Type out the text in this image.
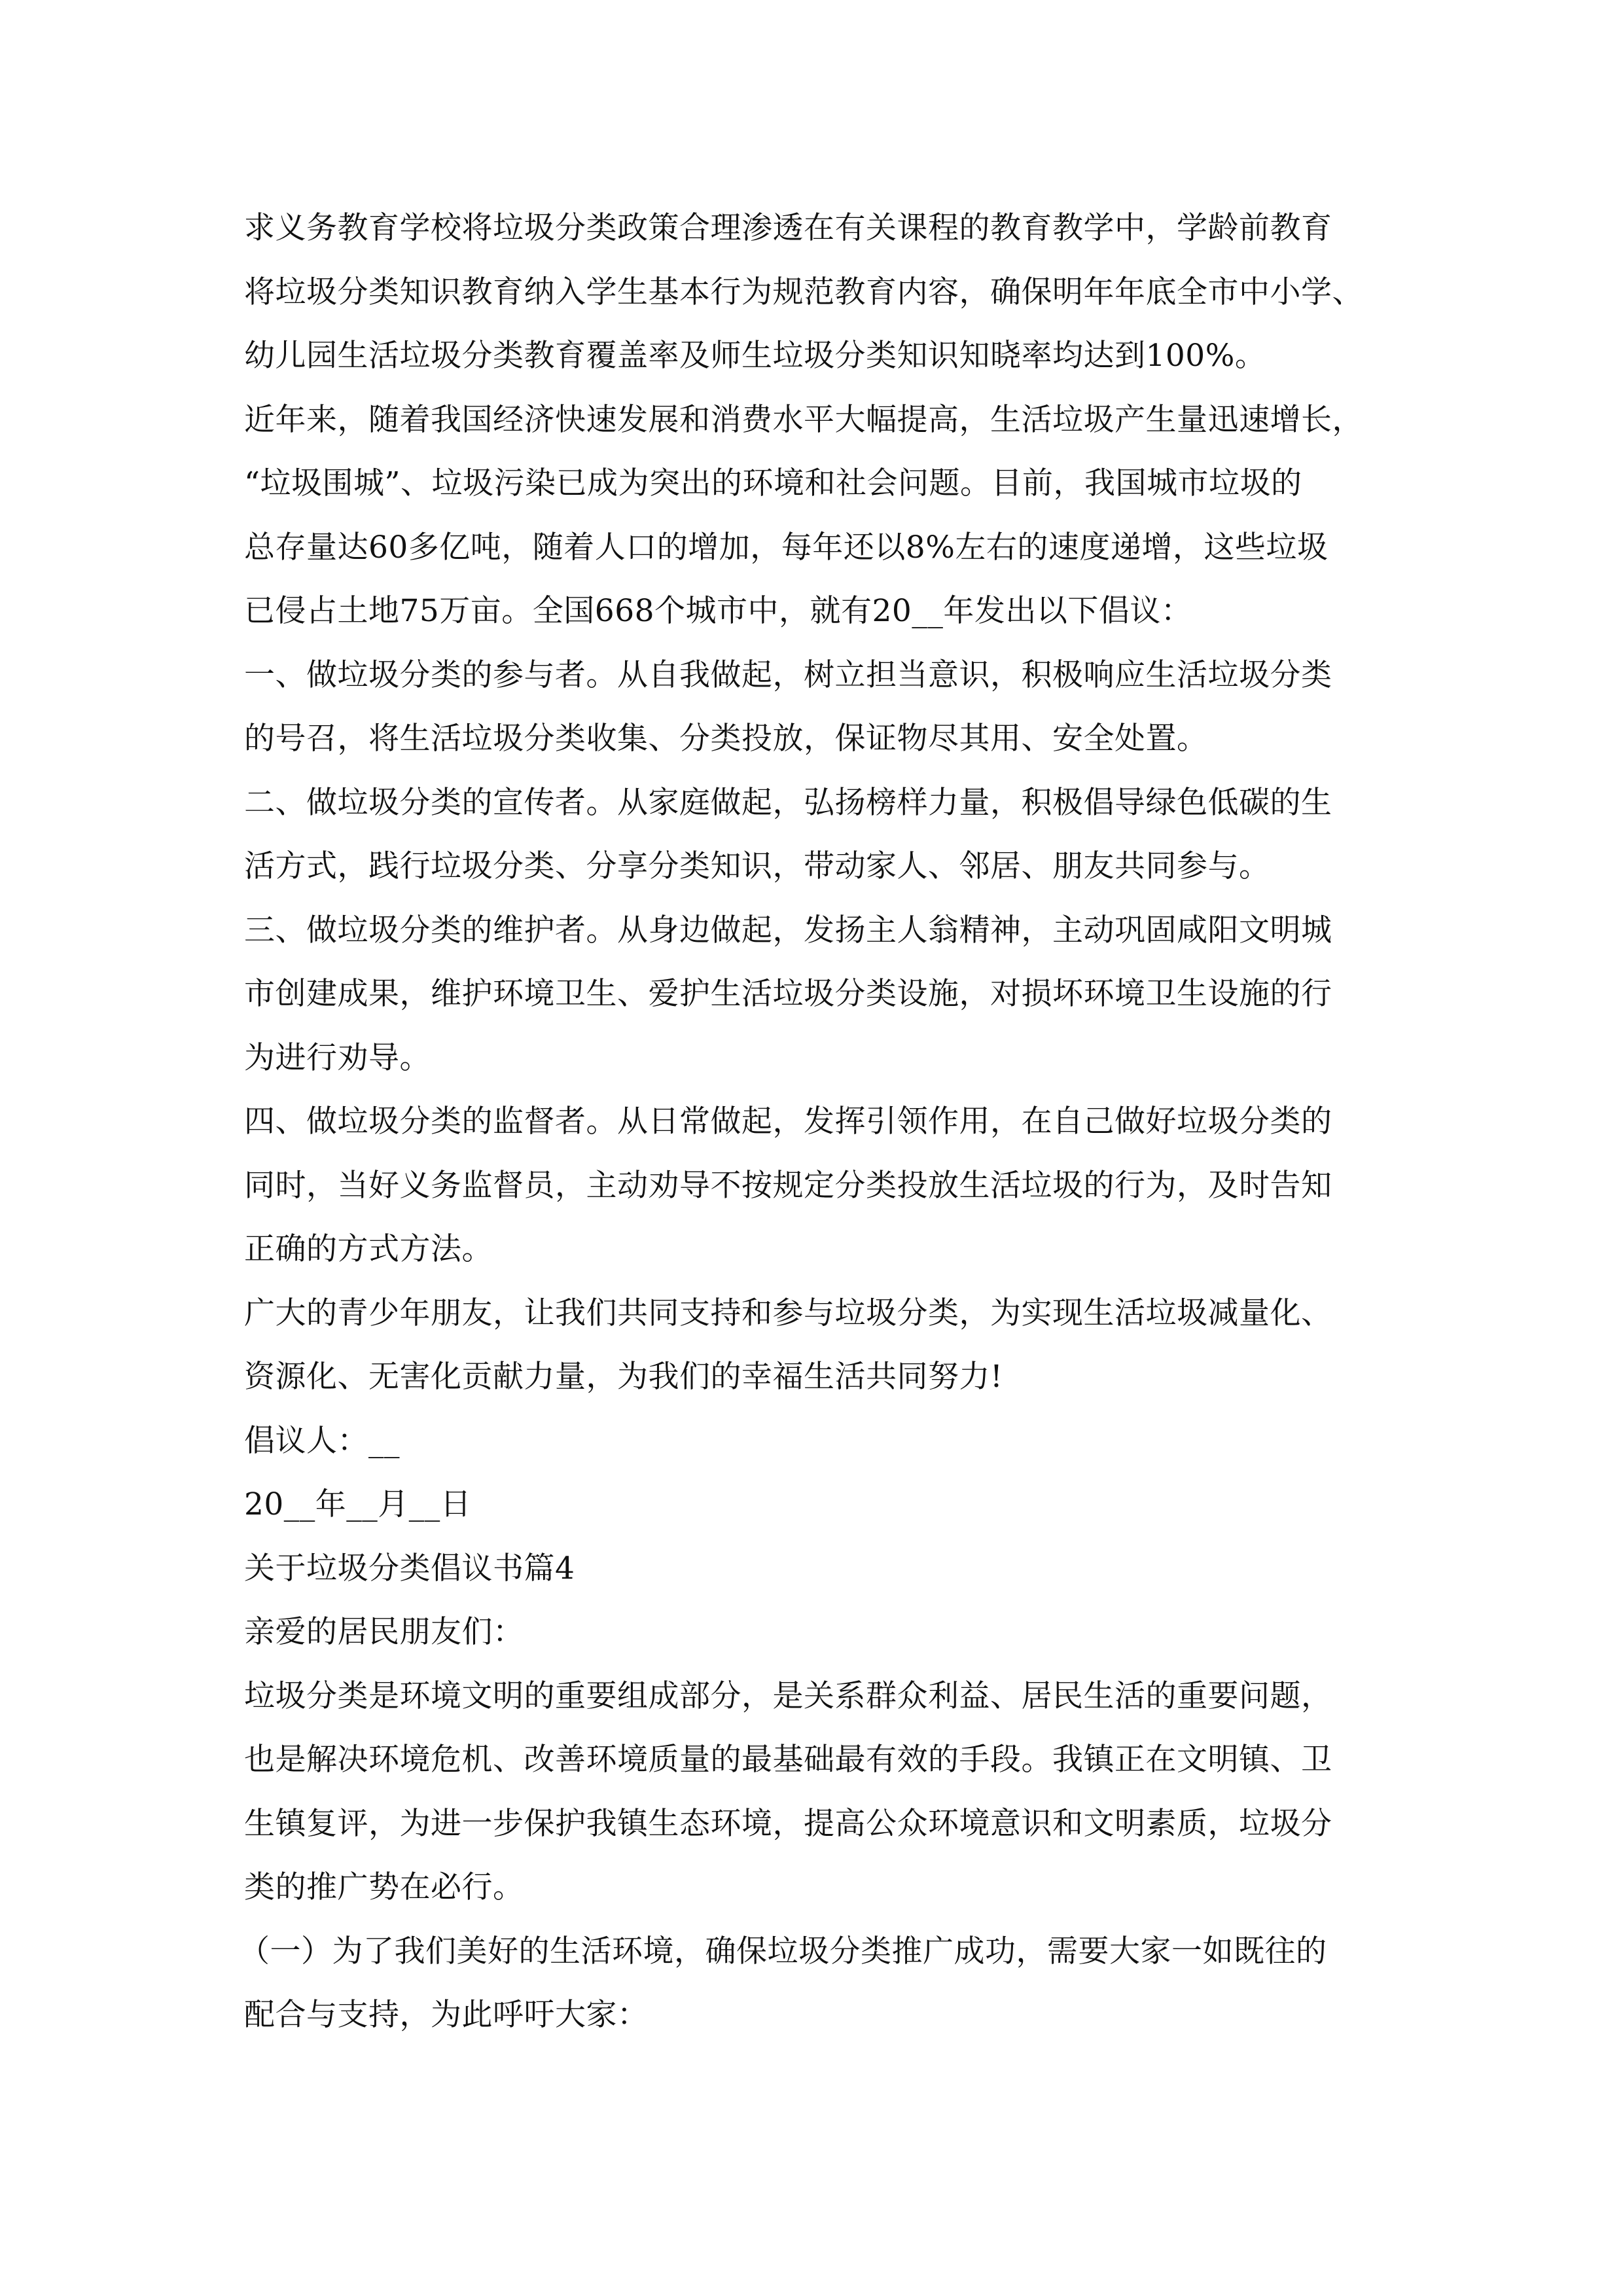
求义务教育学校将垃圾分类政策合理渗透在有关课程的教育教学中，学龄前教育
将垃圾分类知识教育纳入学生基本行为规范教育内容，确保明年年底全市中小学、
幼儿园生活垃圾分类教育覆盖率及师生垃圾分类知识知晓率均达到100%。
近年来，随着我国经济快速发展和消费水平大幅提高，生活垃圾产生量迅速增长，
“垃圾围城”、垃圾污染已成为突出的环境和社会问题。目前，我国城市垃圾的
总存量达60多亿吨，随着人口的增加，每年还以8%左右的速度递增，这些垃圾
已侵占土地75万亩。全国668个城市中，就有20__年发出以下倡议：
一、做垃圾分类的参与者。从自我做起，树立担当意识，积极响应生活垃圾分类
的号召，将生活垃圾分类收集、分类投放，保证物尽其用、安全处置。
二、做垃圾分类的宣传者。从家庭做起，弘扬榜样力量，积极倡导绿色低碳的生
活方式，践行垃圾分类、分享分类知识，带动家人、邻居、朋友共同参与。
三、做垃圾分类的维护者。从身边做起，发扬主人翁精神，主动巩固咸阳文明城
市创建成果，维护环境卫生、爱护生活垃圾分类设施，对损坏环境卫生设施的行
为进行劝导。
四、做垃圾分类的监督者。从日常做起，发挥引领作用，在自己做好垃圾分类的
同时，当好义务监督员，主动劝导不按规定分类投放生活垃圾的行为，及时告知
正确的方式方法。
广大的青少年朋友，让我们共同支持和参与垃圾分类，为实现生活垃圾减量化、
资源化、无害化贡献力量，为我们的幸福生活共同努力!
倡议人：__
20__年__月__日
关于垃圾分类倡议书篇4
亲爱的居民朋友们：
垃圾分类是环境文明的重要组成部分，是关系群众利益、居民生活的重要问题，
也是解决环境危机、改善环境质量的最基础最有效的手段。我镇正在文明镇、卫
生镇复评，为进一步保护我镇生态环境，提高公众环境意识和文明素质，垃圾分
类的推广势在必行。
（一）为了我们美好的生活环境，确保垃圾分类推广成功，需要大家一如既往的
配合与支持，为此呼吁大家：
